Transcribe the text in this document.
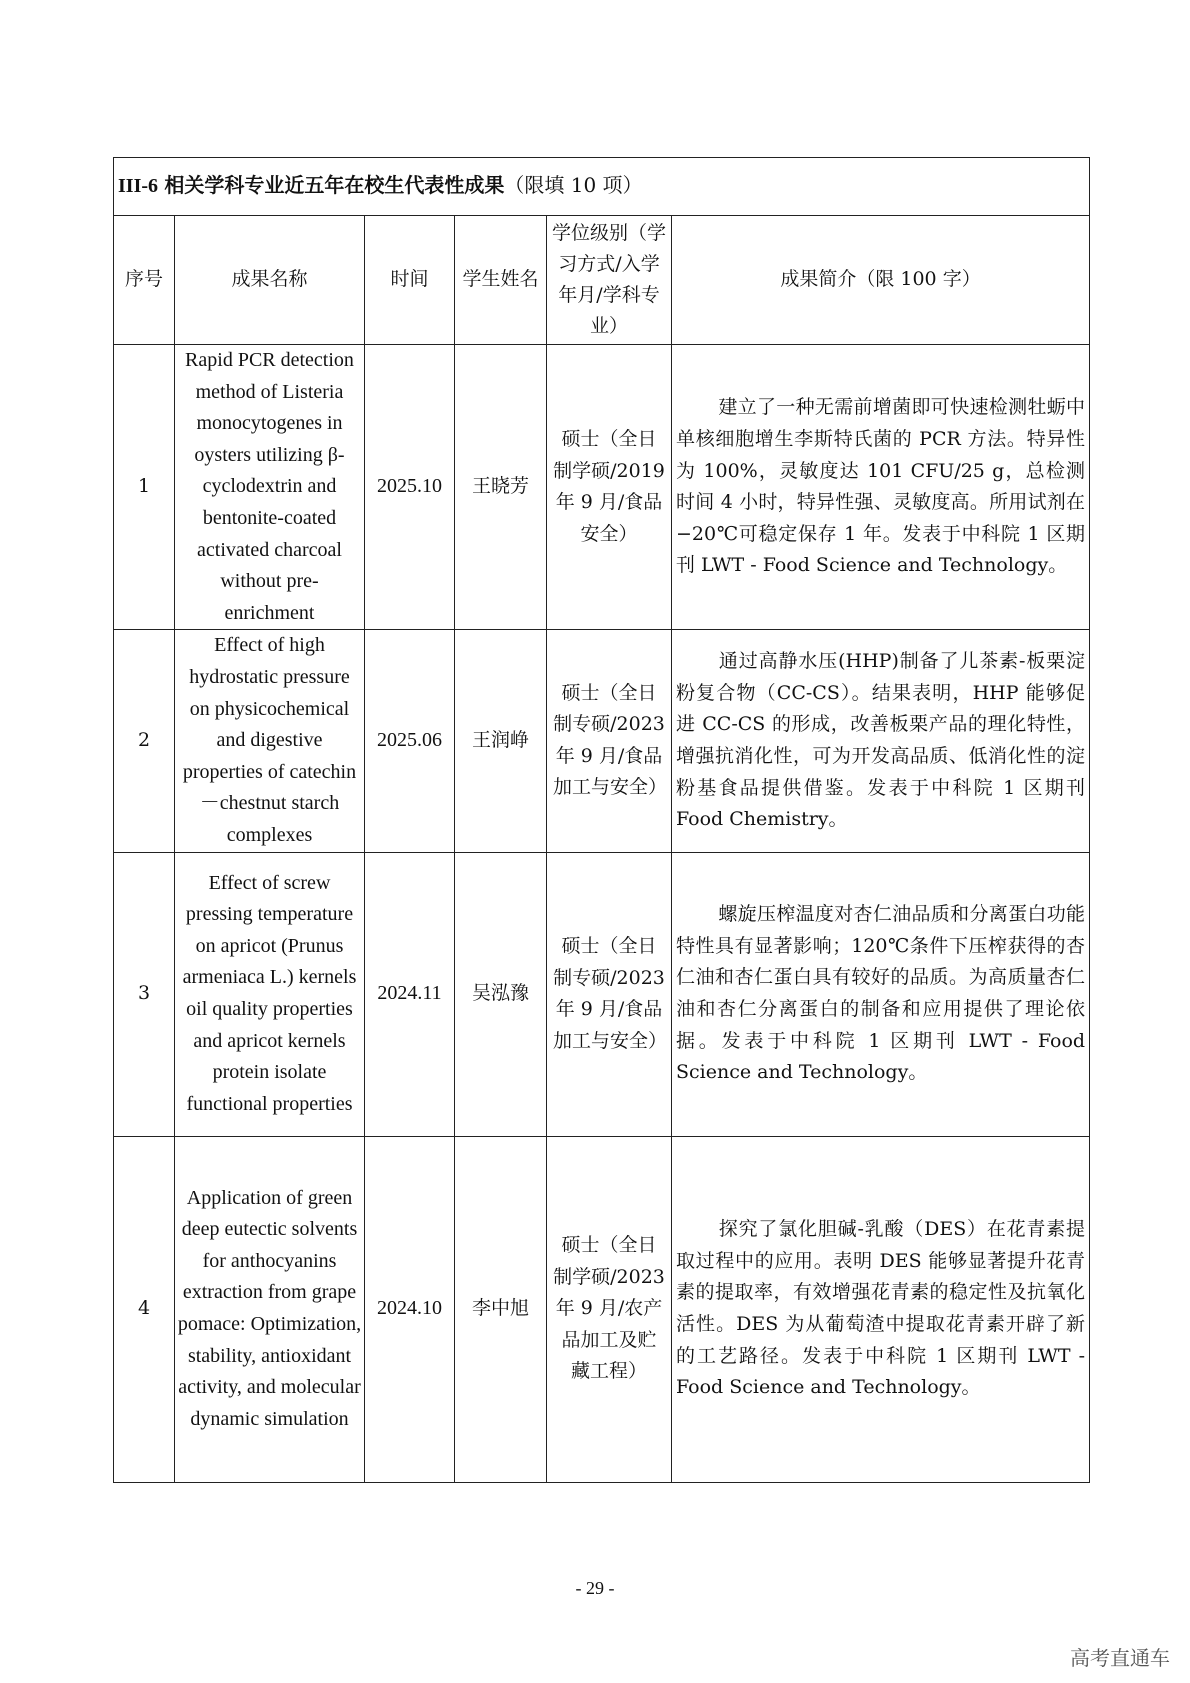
III-6 相关学科专业近五年在校生代表性成果（限填 10 项）					
序号	成果名称	时间	学生姓名	学位级别（学习方式/入学年月/学科专业）	成果简介（限 100 字）
1	Rapid PCR detection method of Listeria monocytogenes in oysters utilizing β-cyclodextrin and bentonite-coated activated charcoal without pre-enrichment	2025.10	王晓芳	硕士（全日制学硕/2019年 9 月/食品安全）	建立了一种无需前增菌即可快速检测牡蛎中单核细胞增生李斯特氏菌的 PCR 方法。特异性为 100%，灵敏度达 101 CFU/25 g，总检测时间 4 小时，特异性强、灵敏度高。所用试剂在−20℃可稳定保存 1 年。发表于中科院 1 区期刊 LWT - Food Science and Technology。
2	Effect of high hydrostatic pressure on physicochemical and digestive properties of catechin－chestnut starch complexes	2025.06	王润峥	硕士（全日制专硕/2023年 9 月/食品加工与安全）	通过高静水压(HHP)制备了儿茶素-板栗淀粉复合物（CC-CS）。结果表明，HHP 能够促进 CC-CS 的形成，改善板栗产品的理化特性，增强抗消化性，可为开发高品质、低消化性的淀粉基食品提供借鉴。发表于中科院 1 区期刊 Food Chemistry。
3	Effect of screw pressing temperature on apricot (Prunus armeniaca L.) kernels oil quality properties and apricot kernels protein isolate functional properties	2024.11	吴泓豫	硕士（全日制专硕/2023年 9 月/食品加工与安全）	螺旋压榨温度对杏仁油品质和分离蛋白功能特性具有显著影响；120℃条件下压榨获得的杏仁油和杏仁蛋白具有较好的品质。为高质量杏仁油和杏仁分离蛋白的制备和应用提供了理论依据。发表于中科院 1 区期刊 LWT - Food Science and Technology。
4	Application of green deep eutectic solvents for anthocyanins extraction from grape pomace: Optimization, stability, antioxidant activity, and molecular dynamic simulation	2024.10	李中旭	硕士（全日制学硕/2023年 9 月/农产品加工及贮藏工程）	探究了氯化胆碱-乳酸（DES）在花青素提取过程中的应用。表明 DES 能够显著提升花青素的提取率，有效增强花青素的稳定性及抗氧化活性。DES 为从葡萄渣中提取花青素开辟了新的工艺路径。发表于中科院 1 区期刊 LWT - Food Science and Technology。
- 29 -
高考直通车
